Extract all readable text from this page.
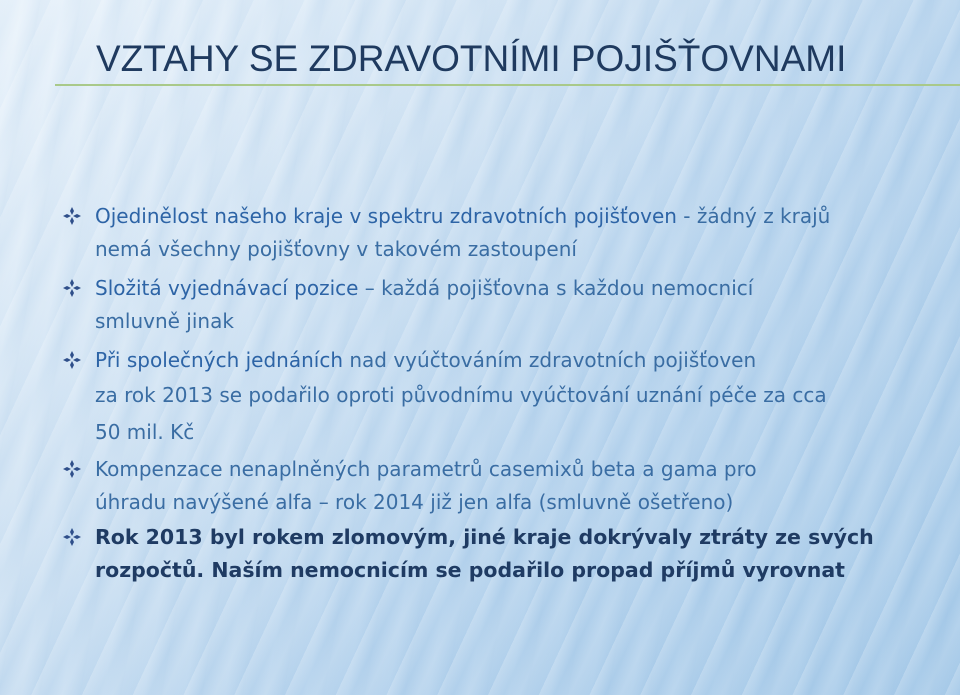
VZTAHY SE ZDRAVOTNÍMI POJIŠŤOVNAMI
Ojedinělost našeho kraje v spektru zdravotních pojišťoven - žádný z krajů
nemá všechny pojišťovny v takovém zastoupení
Složitá vyjednávací pozice – každá pojišťovna s každou nemocnicí
smluvně jinak
Při společných jednáních nad vyúčtováním zdravotních pojišťoven
za rok 2013 se podařilo oproti původnímu vyúčtování uznání péče za cca
50 mil. Kč
Kompenzace nenaplněných parametrů casemixů beta a gama pro
úhradu navýšené alfa – rok 2014 již jen alfa (smluvně ošetřeno)
Rok 2013 byl rokem zlomovým, jiné kraje dokrývaly ztráty ze svých
rozpočtů. Naším nemocnicím se podařilo propad příjmů vyrovnat
